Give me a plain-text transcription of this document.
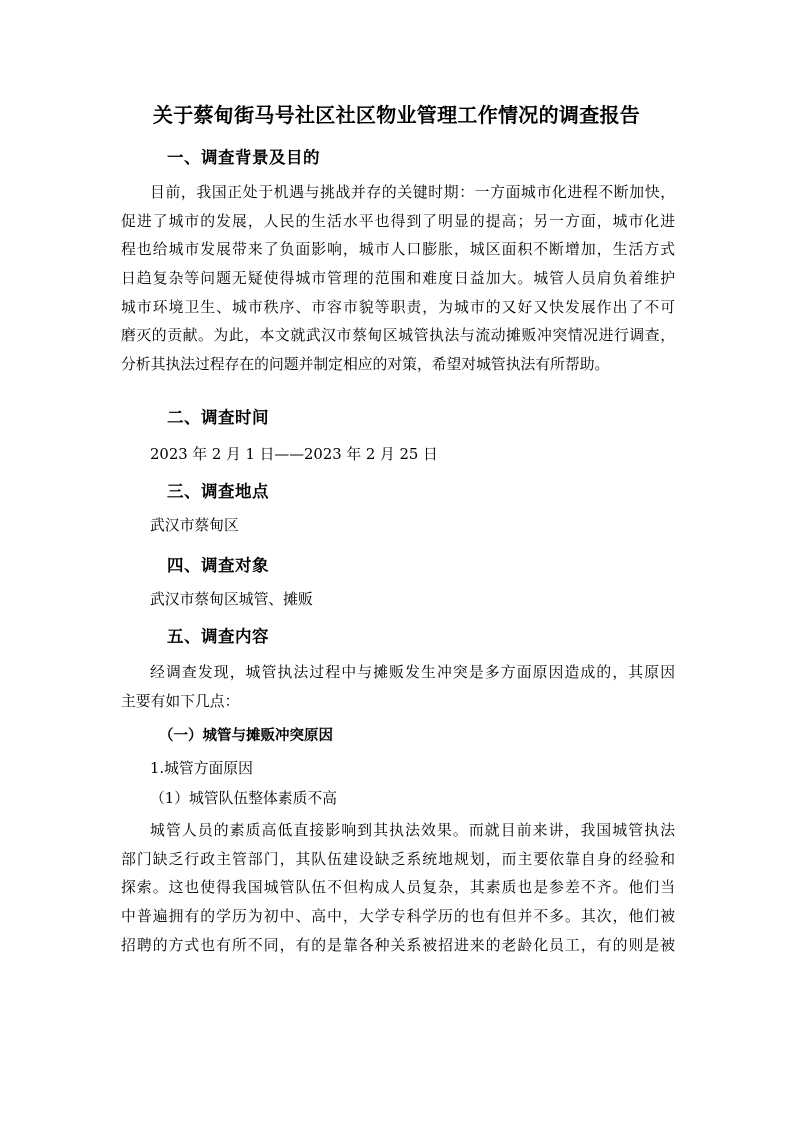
关于蔡甸街马号社区社区物业管理工作情况的调查报告
一、调查背景及目的
目前，我国正处于机遇与挑战并存的关键时期：一方面城市化进程不断加快，
促进了城市的发展，人民的生活水平也得到了明显的提高；另一方面，城市化进
程也给城市发展带来了负面影响，城市人口膨胀，城区面积不断增加，生活方式
日趋复杂等问题无疑使得城市管理的范围和难度日益加大。城管人员肩负着维护
城市环境卫生、城市秩序、市容市貌等职责，为城市的又好又快发展作出了不可
磨灭的贡献。为此，本文就武汉市蔡甸区城管执法与流动摊贩冲突情况进行调查，
分析其执法过程存在的问题并制定相应的对策，希望对城管执法有所帮助。
二、调查时间
2023 年 2 月 1 日——2023 年 2 月 25 日
三、调查地点
武汉市蔡甸区
四、调查对象
武汉市蔡甸区城管、摊贩
五、调查内容
经调查发现，城管执法过程中与摊贩发生冲突是多方面原因造成的，其原因
主要有如下几点：
（一）城管与摊贩冲突原因
1.城管方面原因
（1）城管队伍整体素质不高
城管人员的素质高低直接影响到其执法效果。而就目前来讲，我国城管执法
部门缺乏行政主管部门，其队伍建设缺乏系统地规划，而主要依靠自身的经验和
探索。这也使得我国城管队伍不但构成人员复杂，其素质也是参差不齐。他们当
中普遍拥有的学历为初中、高中，大学专科学历的也有但并不多。其次，他们被
招聘的方式也有所不同，有的是靠各种关系被招进来的老龄化员工，有的则是被
